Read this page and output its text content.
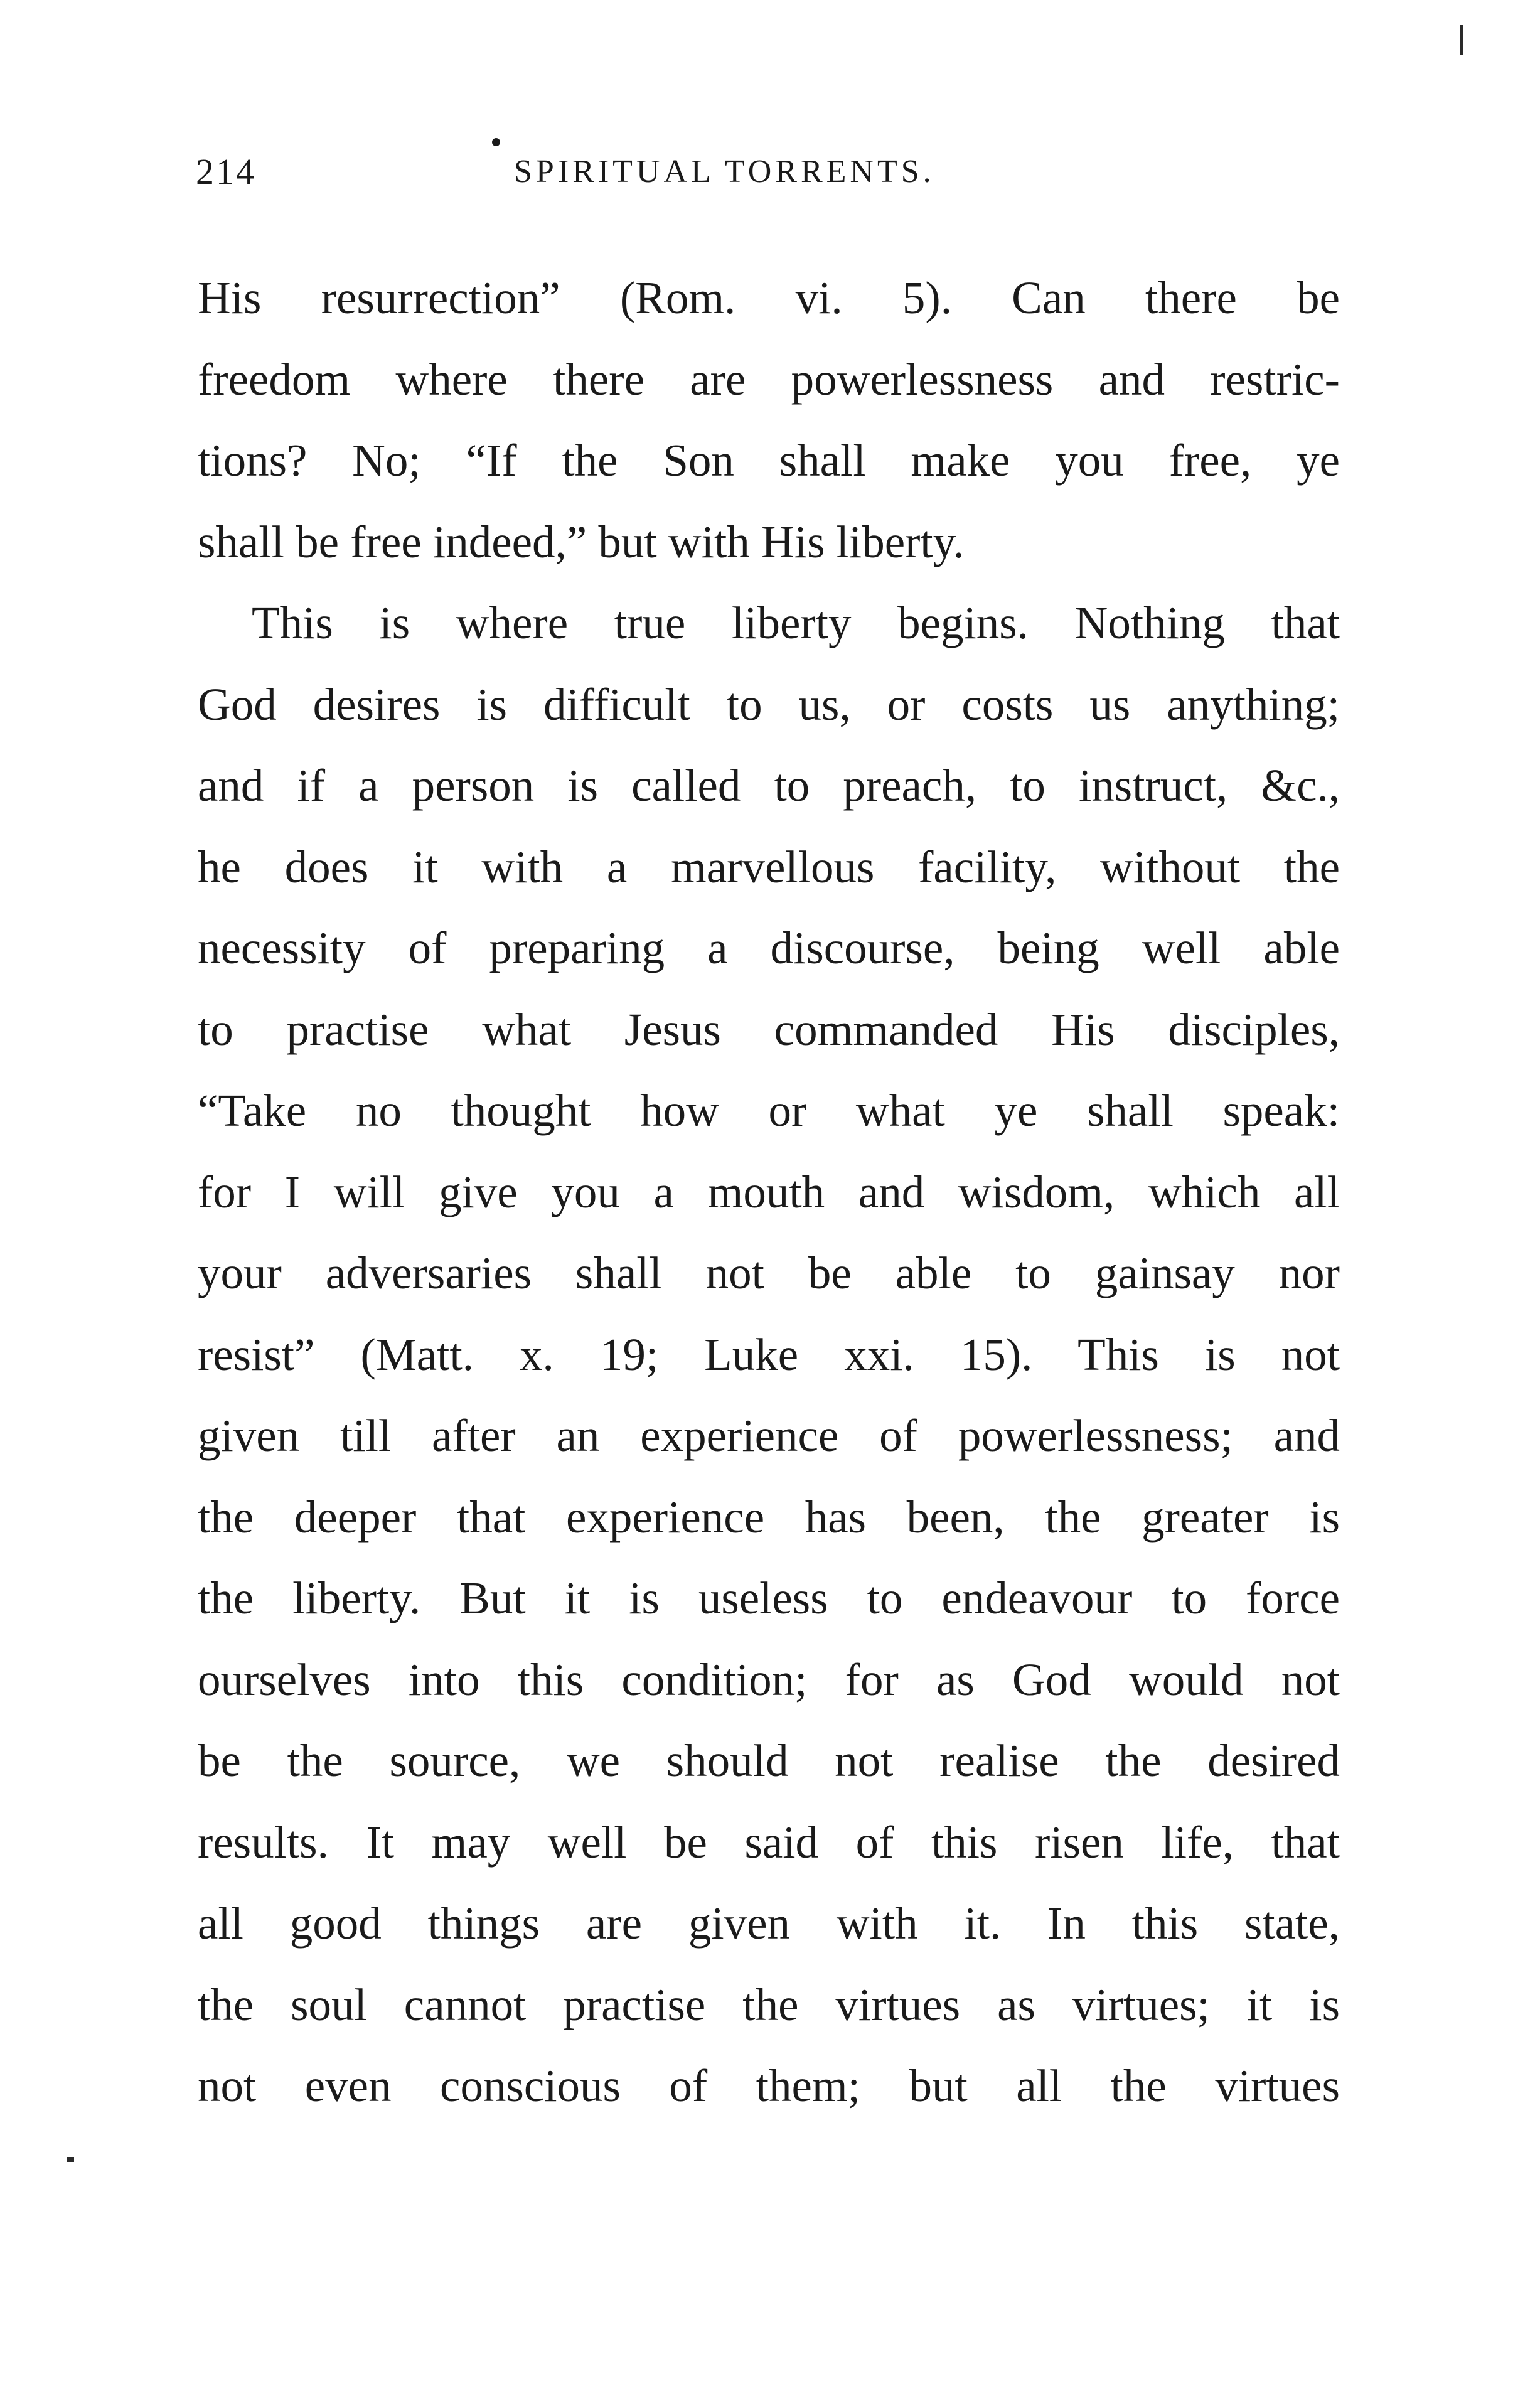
214	SPIRITUAL TORRENTS.
His resurrection” (Rom. vi. 5). Can there be
freedom where there are powerlessness and restric-
tions? No; “If the Son shall make you free, ye
shall be free indeed,” but with His liberty.
This is where true liberty begins. Nothing that
God desires is difficult to us, or costs us anything;
and if a person is called to preach, to instruct, &c.,
he does it with a marvellous facility, without the
necessity of preparing a discourse, being well able
to practise what Jesus commanded His disciples,
“Take no thought how or what ye shall speak:
for I will give you a mouth and wisdom, which all
your adversaries shall not be able to gainsay nor
resist” (Matt. x. 19; Luke xxi. 15). This is not
given till after an experience of powerlessness; and
the deeper that experience has been, the greater is
the liberty. But it is useless to endeavour to force
ourselves into this condition; for as God would not
be the source, we should not realise the desired
results. It may well be said of this risen life, that
all good things are given with it. In this state,
the soul cannot practise the virtues as virtues; it is
not even conscious of them; but all the virtues
